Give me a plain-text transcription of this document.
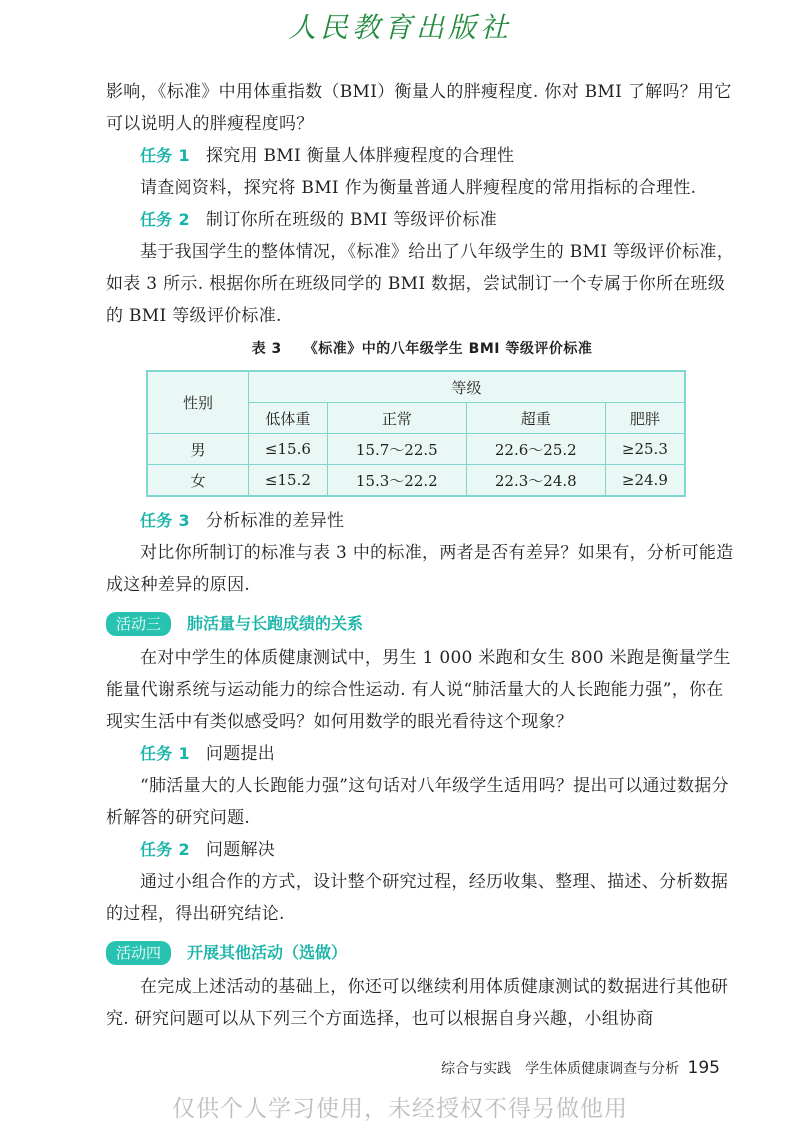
人民教育出版社

影响，《标准》中用体重指数（BMI）衡量人的胖瘦程度. 你对 BMI 了解吗？用它可以说明人的胖瘦程度吗？

任务 1 探究用 BMI 衡量人体胖瘦程度的合理性

请查阅资料，探究将 BMI 作为衡量普通人胖瘦程度的常用指标的合理性.

任务 2 制订你所在班级的 BMI 等级评价标准

基于我国学生的整体情况，《标准》给出了八年级学生的 BMI 等级评价标准，如表 3 所示. 根据你所在班级同学的 BMI 数据，尝试制订一个专属于你所在班级的 BMI 等级评价标准.

表 3 《标准》中的八年级学生 BMI 等级评价标准
性别	等级			
	低体重	正常	超重	肥胖
男	≤15.6	15.7～22.5	22.6～25.2	≥25.3
女	≤15.2	15.3～22.2	22.3～24.8	≥24.9

任务 3 分析标准的差异性

对比你所制订的标准与表 3 中的标准，两者是否有差异？如果有，分析可能造成这种差异的原因.

活动三 肺活量与长跑成绩的关系

在对中学生的体质健康测试中，男生 1 000 米跑和女生 800 米跑是衡量学生能量代谢系统与运动能力的综合性运动. 有人说“肺活量大的人长跑能力强”，你在现实生活中有类似感受吗？如何用数学的眼光看待这个现象？

任务 1 问题提出

“肺活量大的人长跑能力强”这句话对八年级学生适用吗？提出可以通过数据分析解答的研究问题.

任务 2 问题解决

通过小组合作的方式，设计整个研究过程，经历收集、整理、描述、分析数据的过程，得出研究结论.

活动四 开展其他活动（选做）

在完成上述活动的基础上，你还可以继续利用体质健康测试的数据进行其他研究. 研究问题可以从下列三个方面选择，也可以根据自身兴趣，小组协商

综合与实践 学生体质健康调查与分析 195
仅供个人学习使用，未经授权不得另做他用
